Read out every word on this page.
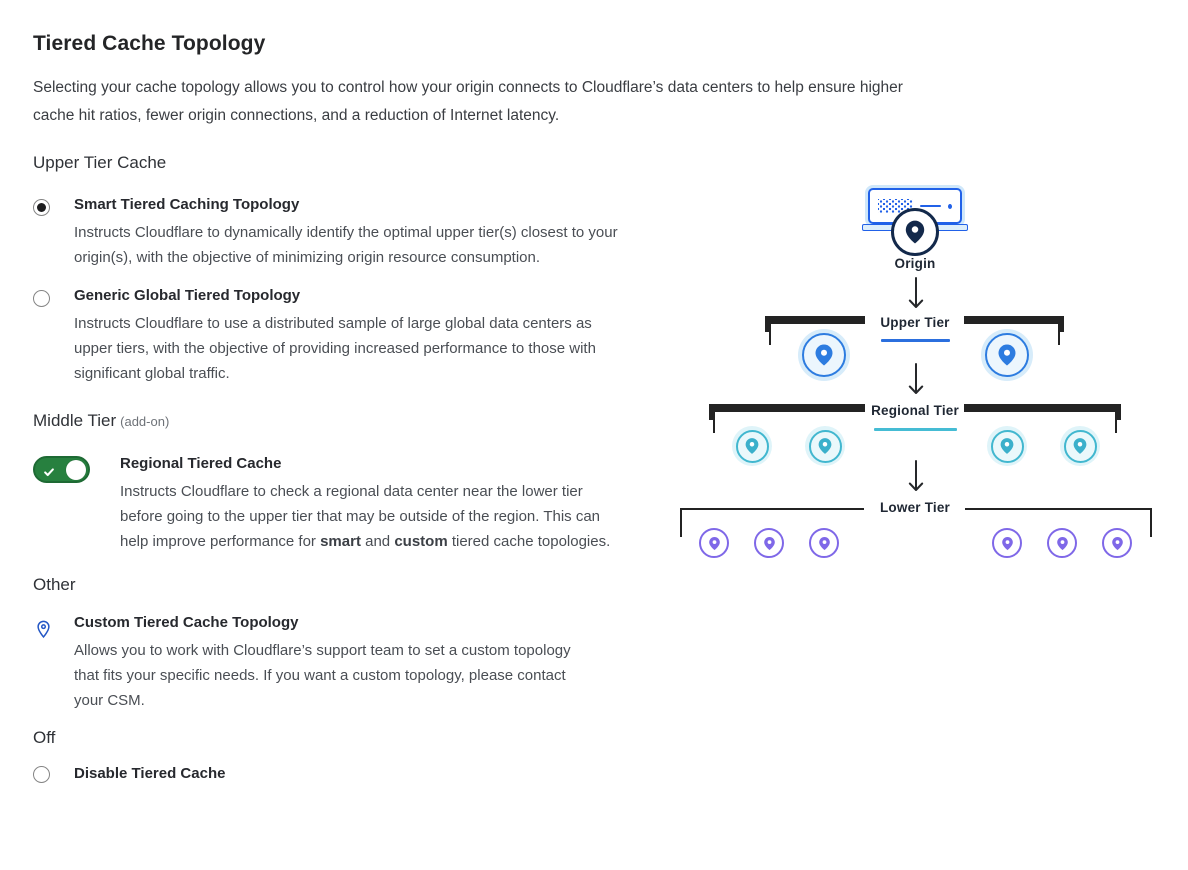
Tiered Cache Topology

Selecting your cache topology allows you to control how your origin connects to Cloudflare’s data centers to help ensure higher cache hit ratios, fewer origin connections, and a reduction of Internet latency.

Upper Tier Cache
Smart Tiered Caching Topology
Instructs Cloudflare to dynamically identify the optimal upper tier(s) closest to your origin(s), with the objective of minimizing origin resource consumption.
Generic Global Tiered Topology
Instructs Cloudflare to use a distributed sample of large global data centers as upper tiers, with the objective of providing increased performance to those with significant global traffic.
Middle Tier (add-on)
Regional Tiered Cache
Instructs Cloudflare to check a regional data center near the lower tier before going to the upper tier that may be outside of the region. This can help improve performance for smart and custom tiered cache topologies.
Other
Custom Tiered Cache Topology
Allows you to work with Cloudflare’s support team to set a custom topology that fits your specific needs. If you want a custom topology, please contact your CSM.
Off
Disable Tiered Cache
Origin
Upper Tier
Regional Tier
Lower Tier
